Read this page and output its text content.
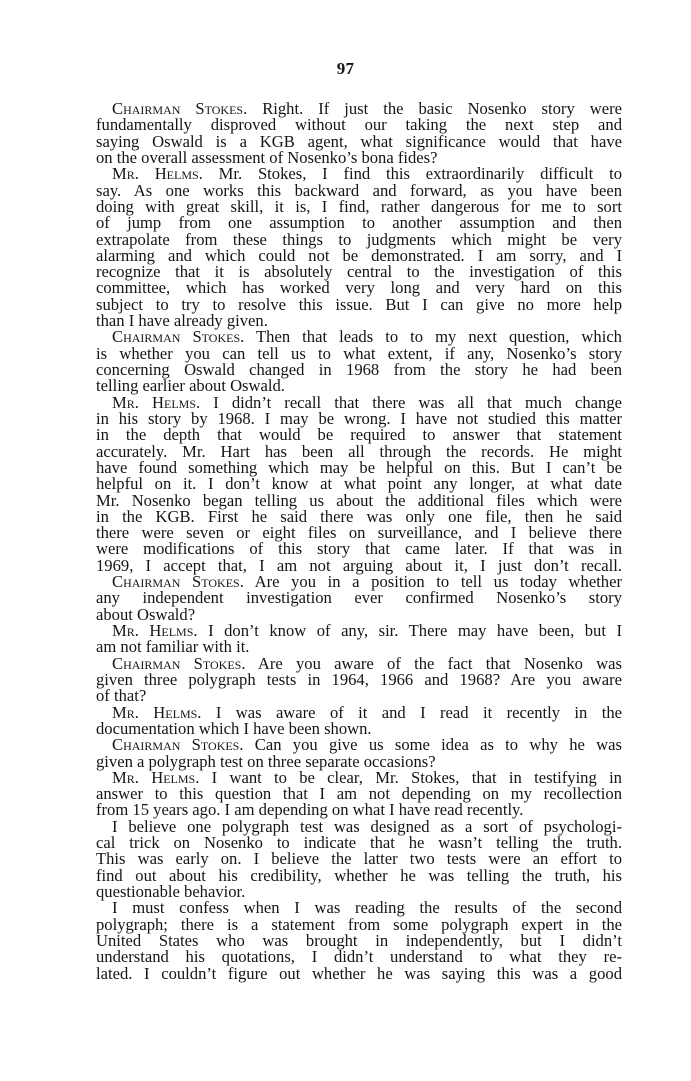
97
Chairman Stokes. Right. If just the basic Nosenko story were
fundamentally disproved without our taking the next step and
saying Oswald is a KGB agent, what significance would that have
on the overall assessment of Nosenko’s bona fides?
Mr. Helms. Mr. Stokes, I find this extraordinarily difficult to
say. As one works this backward and forward, as you have been
doing with great skill, it is, I find, rather dangerous for me to sort
of jump from one assumption to another assumption and then
extrapolate from these things to judgments which might be very
alarming and which could not be demonstrated. I am sorry, and I
recognize that it is absolutely central to the investigation of this
committee, which has worked very long and very hard on this
subject to try to resolve this issue. But I can give no more help
than I have already given.
Chairman Stokes. Then that leads to to my next question, which
is whether you can tell us to what extent, if any, Nosenko’s story
concerning Oswald changed in 1968 from the story he had been
telling earlier about Oswald.
Mr. Helms. I didn’t recall that there was all that much change
in his story by 1968. I may be wrong. I have not studied this matter
in the depth that would be required to answer that statement
accurately. Mr. Hart has been all through the records. He might
have found something which may be helpful on this. But I can’t be
helpful on it. I don’t know at what point any longer, at what date
Mr. Nosenko began telling us about the additional files which were
in the KGB. First he said there was only one file, then he said
there were seven or eight files on surveillance, and I believe there
were modifications of this story that came later. If that was in
1969, I accept that, I am not arguing about it, I just don’t recall.
Chairman Stokes. Are you in a position to tell us today whether
any independent investigation ever confirmed Nosenko’s story
about Oswald?
Mr. Helms. I don’t know of any, sir. There may have been, but I
am not familiar with it.
Chairman Stokes. Are you aware of the fact that Nosenko was
given three polygraph tests in 1964, 1966 and 1968? Are you aware
of that?
Mr. Helms. I was aware of it and I read it recently in the
documentation which I have been shown.
Chairman Stokes. Can you give us some idea as to why he was
given a polygraph test on three separate occasions?
Mr. Helms. I want to be clear, Mr. Stokes, that in testifying in
answer to this question that I am not depending on my recollection
from 15 years ago. I am depending on what I have read recently.
I believe one polygraph test was designed as a sort of psychologi-
cal trick on Nosenko to indicate that he wasn’t telling the truth.
This was early on. I believe the latter two tests were an effort to
find out about his credibility, whether he was telling the truth, his
questionable behavior.
I must confess when I was reading the results of the second
polygraph; there is a statement from some polygraph expert in the
United States who was brought in independently, but I didn’t
understand his quotations, I didn’t understand to what they re-
lated. I couldn’t figure out whether he was saying this was a good
